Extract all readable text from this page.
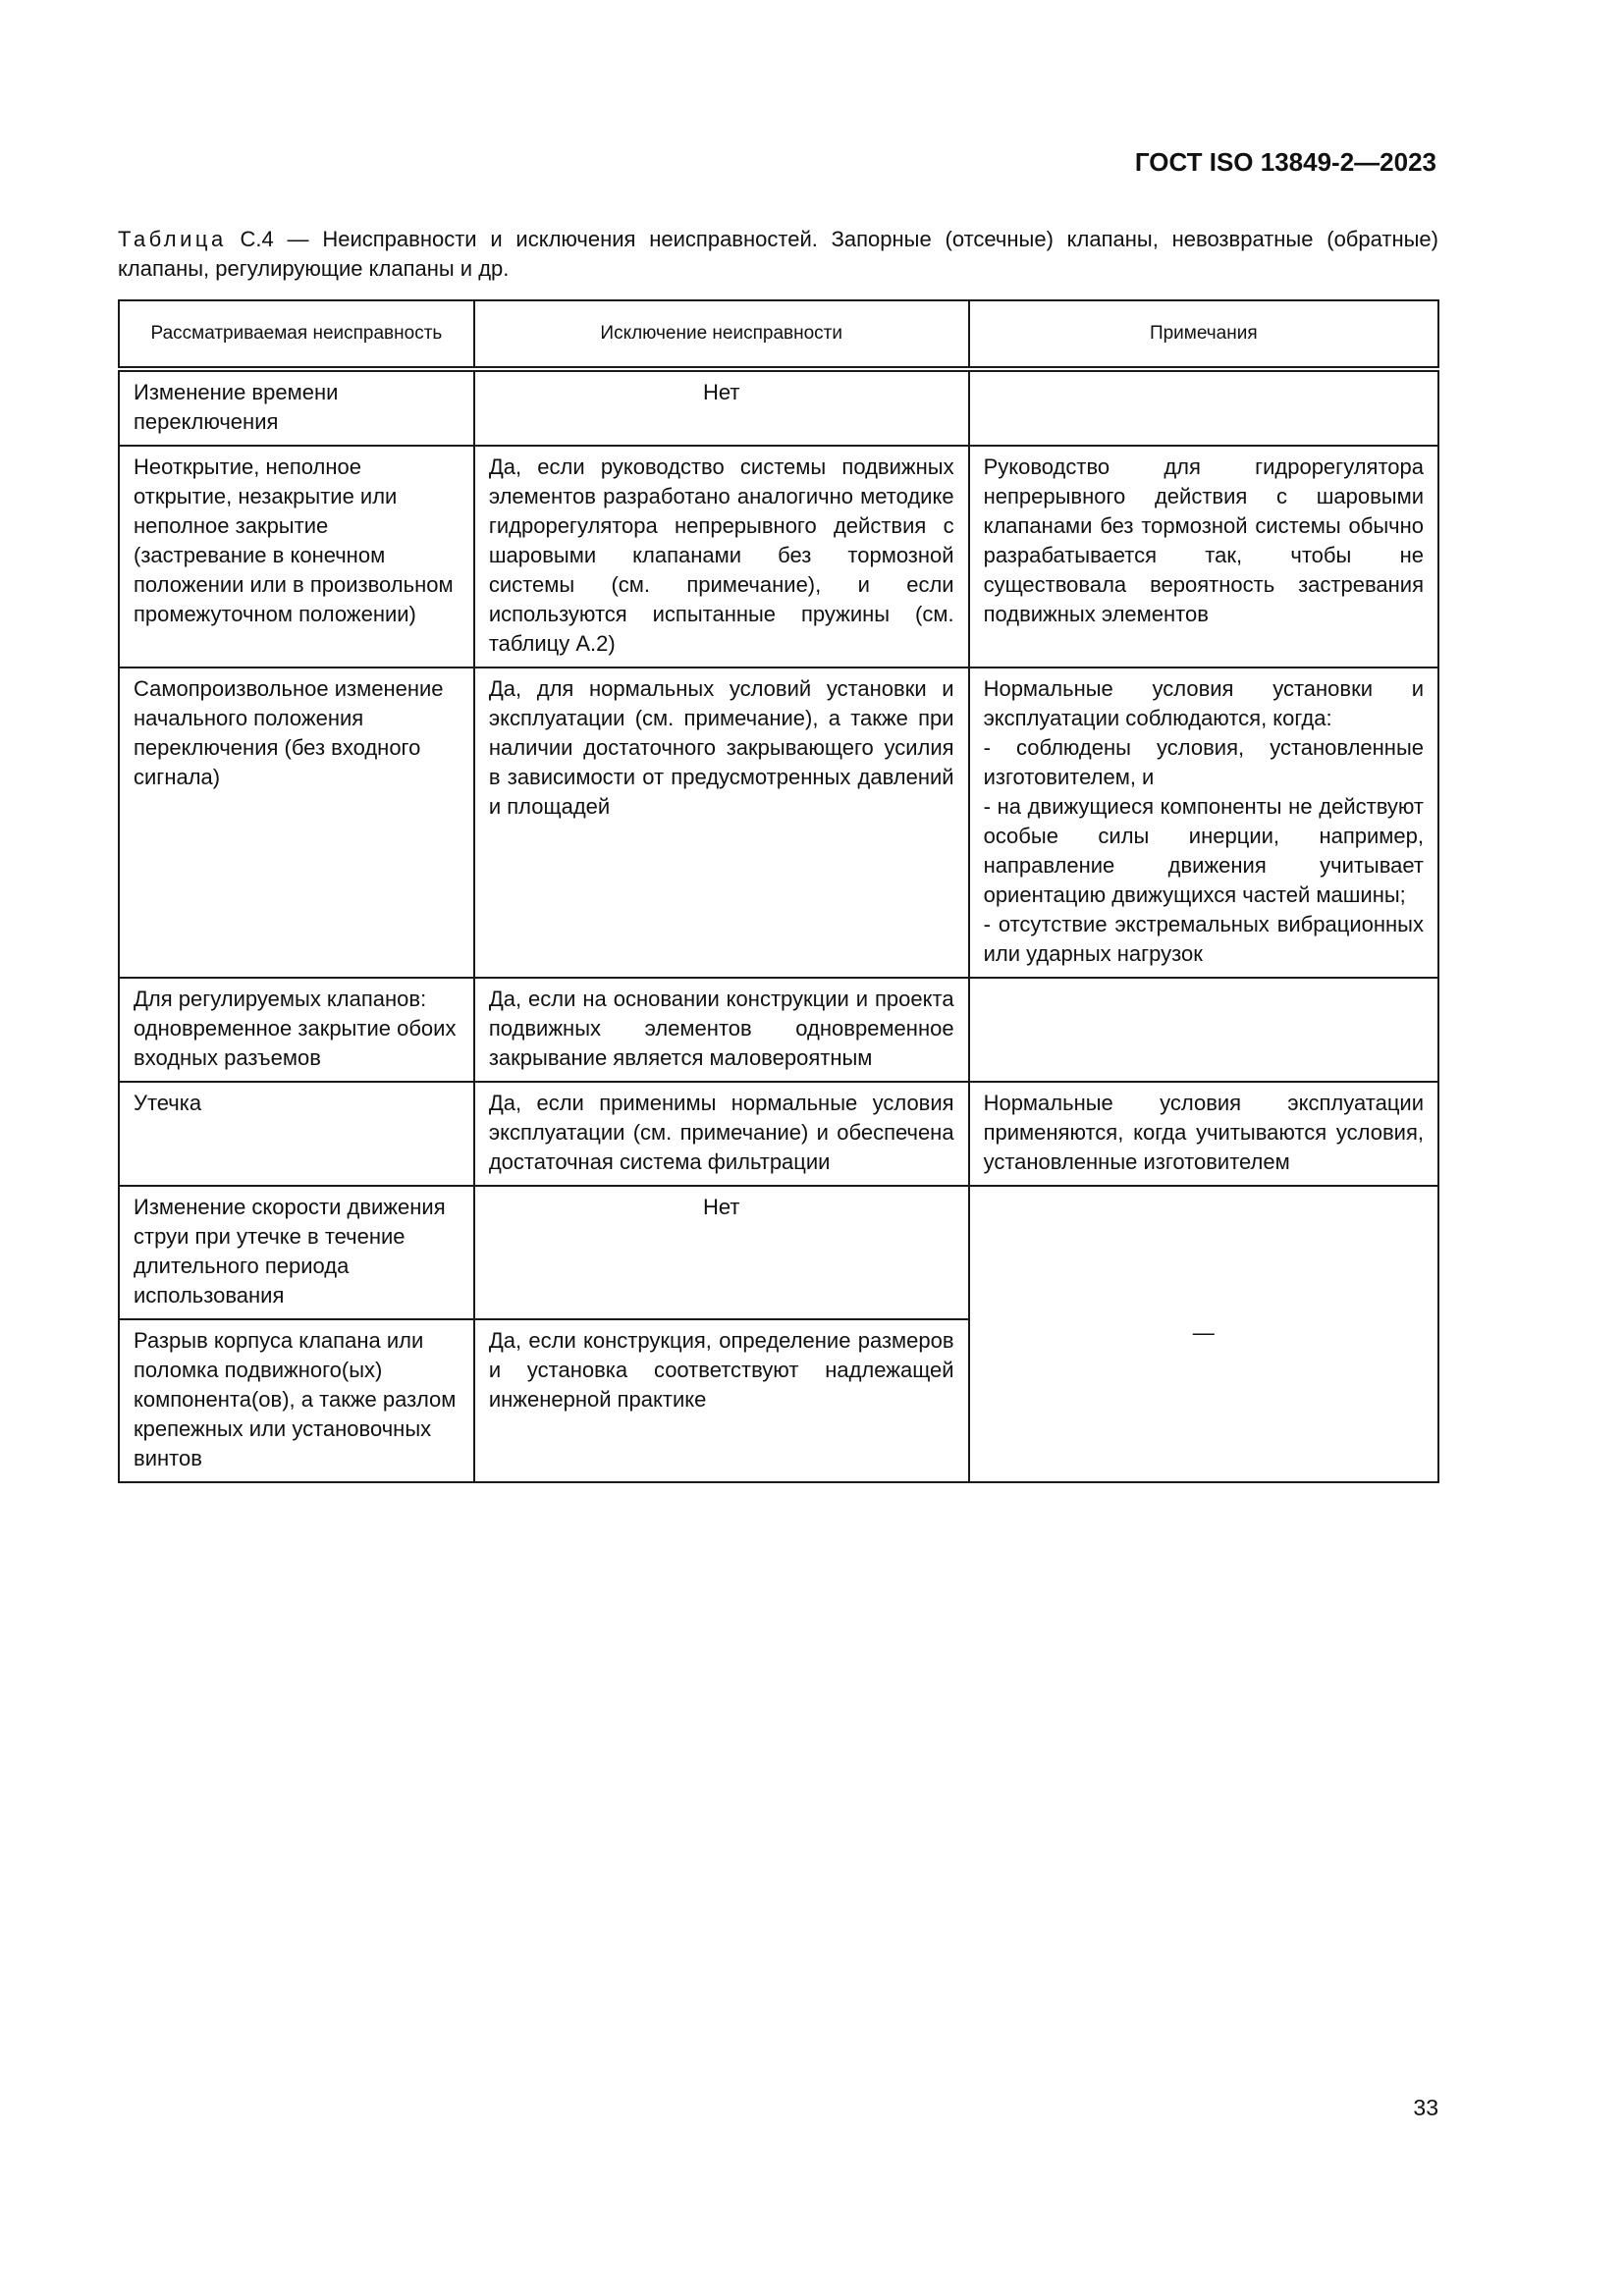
ГОСТ ISO 13849-2—2023

Таблица С.4 — Неисправности и исключения неисправностей. Запорные (отсечные) клапаны, невозвратные (обратные) клапаны, регулирующие клапаны и др.

Рассматриваемая неисправность	Исключение неисправности	Примечания
Изменение времени переключения	Нет	
Неоткрытие, неполное открытие, незакрытие или неполное закрытие (застревание в конечном положении или в произвольном промежуточном положении)	Да, если руководство системы подвижных элементов разработано аналогично методике гидрорегулятора непрерывного действия с шаровыми клапанами без тормозной системы (см. примечание), и если используются испытанные пружины (см. таблицу А.2)	Руководство для гидрорегулятора непрерывного действия с шаровыми клапанами без тормозной системы обычно разрабатывается так, чтобы не существовала вероятность застревания подвижных элементов
Самопроизвольное изменение начального положения переключения (без входного сигнала)	Да, для нормальных условий установки и эксплуатации (см. примечание), а также при наличии достаточного закрывающего усилия в зависимости от предусмотренных давлений и площадей	Нормальные условия установки и эксплуатации соблюдаются, когда:
- соблюдены условия, установленные изготовителем, и
- на движущиеся компоненты не действуют особые силы инерции, например, направление движения учитывает ориентацию движущихся частей машины;
- отсутствие экстремальных вибрационных или ударных нагрузок

Для регулируемых клапанов: одновременное закрытие обоих входных разъемов	Да, если на основании конструкции и проекта подвижных элементов одновременное закрывание является маловероятным	
Утечка	Да, если применимы нормальные условия эксплуатации (см. примечание) и обеспечена достаточная система фильтрации	Нормальные условия эксплуатации применяются, когда учитываются условия, установленные изготовителем
Изменение скорости движения струи при утечке в течение длительного периода использования	Нет	—
Разрыв корпуса клапана или поломка подвижного(ых) компонента(ов), а также разлом крепежных или установочных винтов	Да, если конструкция, определение размеров и установка соответствуют надлежащей инженерной практике	

33
